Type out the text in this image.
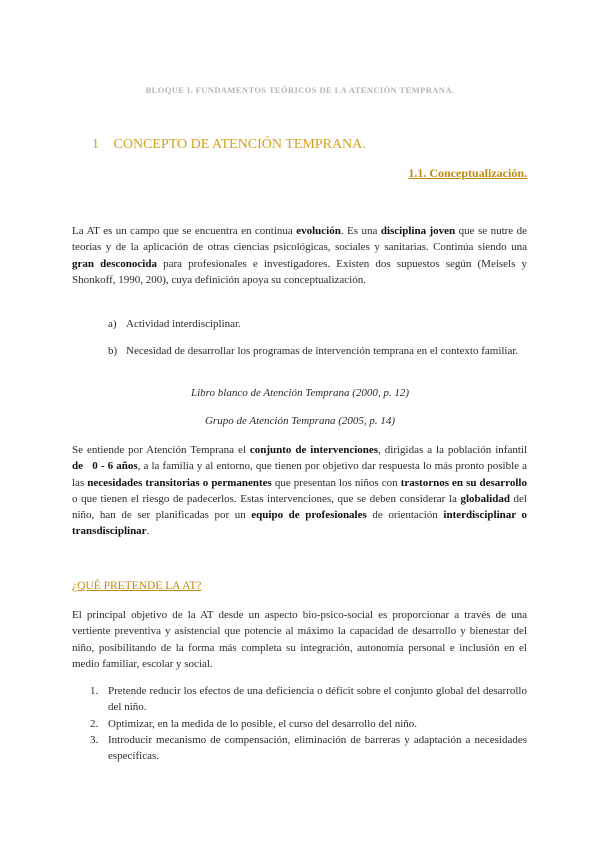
BLOQUE I. FUNDAMENTOS TEÓRICOS DE LA ATENCIÓN TEMPRANA.
1 CONCEPTO DE ATENCIÓN TEMPRANA.
1.1. Conceptualización.
La AT es un campo que se encuentra en continua evolución. Es una disciplina joven que se nutre de teorías y de la aplicación de otras ciencias psicológicas, sociales y sanitarias. Continúa siendo una gran desconocida para profesionales e investigadores. Existen dos supuestos según (Meisels y Shonkoff, 1990, 200), cuya definición apoya su conceptualización.
a) Actividad interdisciplinar.
b) Necesidad de desarrollar los programas de intervención temprana en el contexto familiar.
Libro blanco de Atención Temprana (2000, p. 12)
Grupo de Atención Temprana (2005, p. 14)
Se entiende por Atención Temprana el conjunto de intervenciones, dirigidas a la población infantil de   0 - 6 años, a la familia y al entorno, que tienen por objetivo dar respuesta lo más pronto posible a las necesidades transitorias o permanentes que presentan los niños con trastornos en su desarrollo o que tienen el riesgo de padecerlos. Estas intervenciones, que se deben considerar la globalidad del niño, han de ser planificadas por un equipo de profesionales de orientación interdisciplinar o transdisciplinar.
¿QUÉ PRETENDE LA AT?
El principal objetivo de la AT desde un aspecto bio-psico-social es proporcionar a través de una vertiente preventiva y asistencial que potencie al máximo la capacidad de desarrollo y bienestar del niño, posibilitando de la forma más completa su integración, autonomía personal e inclusión en el medio familiar, escolar y social.
1. Pretende reducir los efectos de una deficiencia o déficit sobre el conjunto global del desarrollo del niño.
2. Optimizar, en la medida de lo posible, el curso del desarrollo del niño.
3. Introducir mecanismo de compensación, eliminación de barreras y adaptación a necesidades específicas.
